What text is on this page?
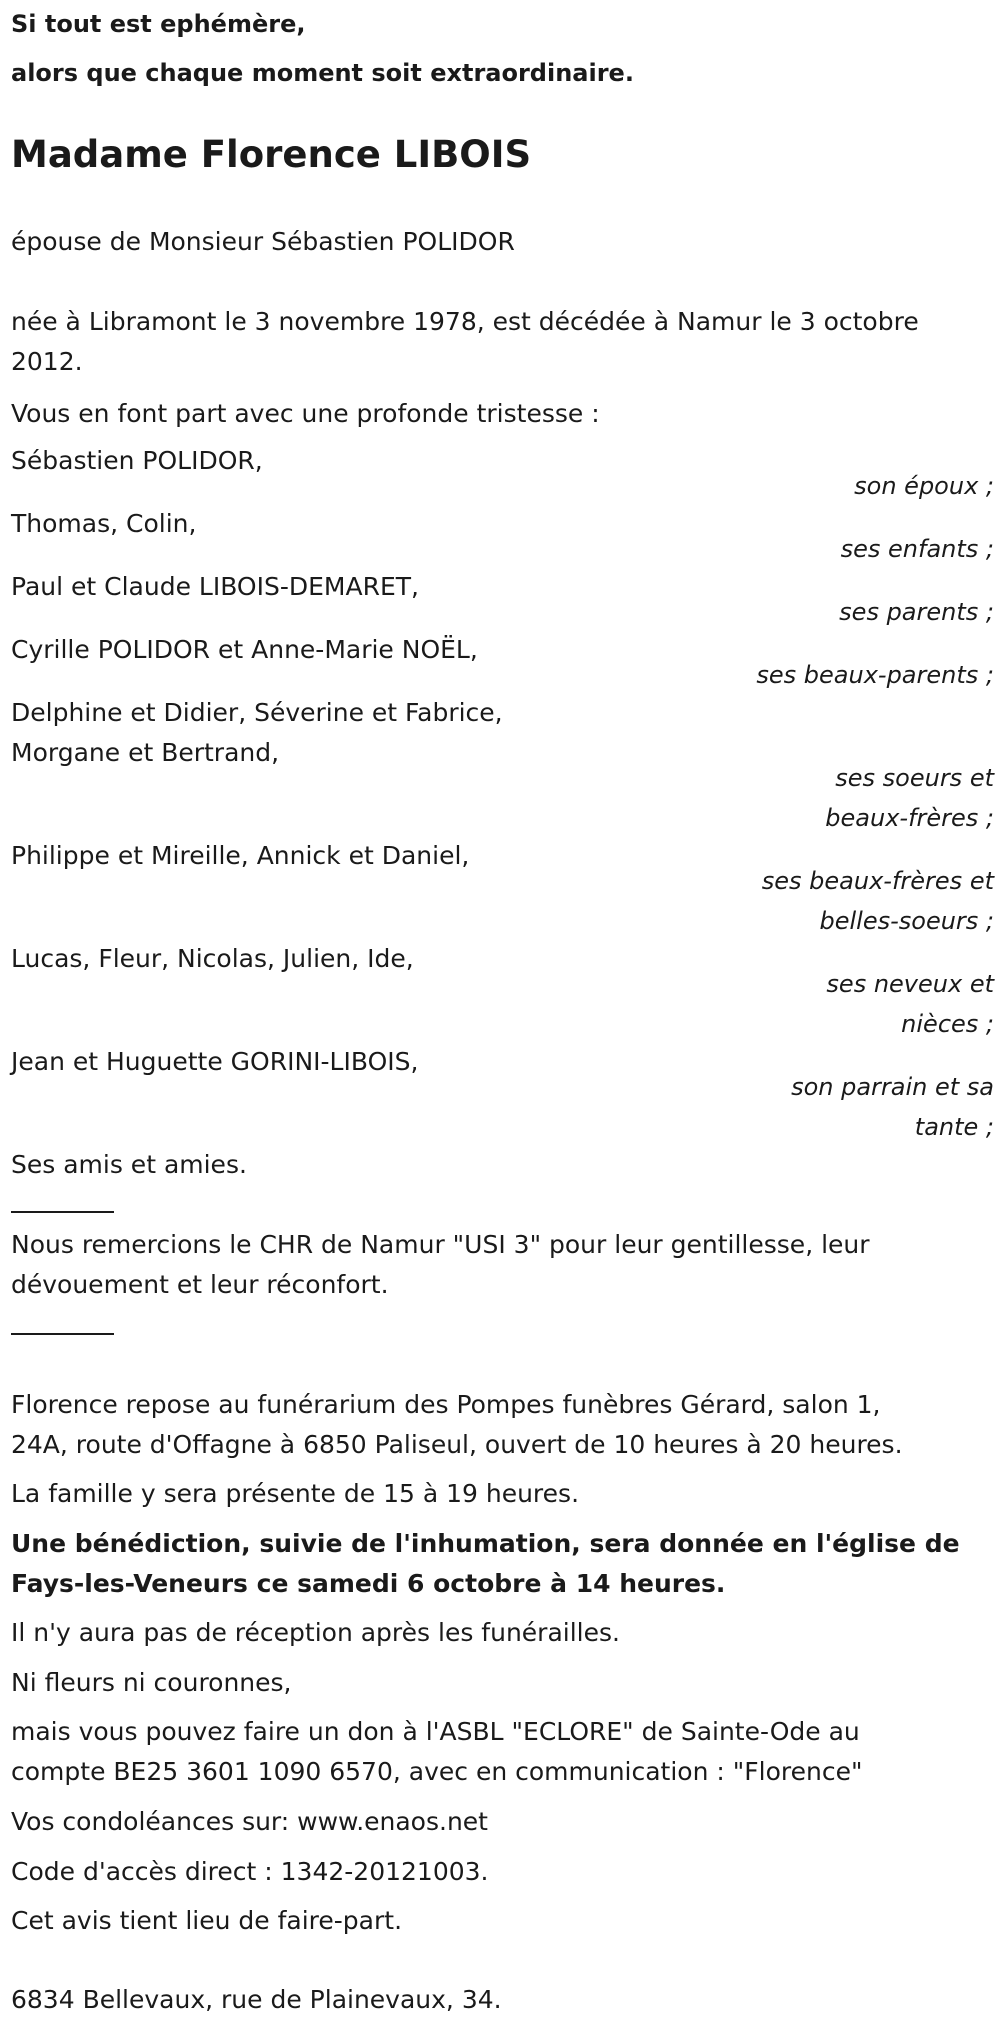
Si tout est ephémère,
alors que chaque moment soit extraordinaire.
Madame Florence LIBOIS

épouse de Monsieur Sébastien POLIDOR

née à Libramont le 3 novembre 1978, est décédée à Namur le 3 octobre

2012.

Vous en font part avec une profonde tristesse :

Sébastien POLIDOR,

son époux ;

Thomas, Colin,

ses enfants ;

Paul et Claude LIBOIS-DEMARET,

ses parents ;

Cyrille POLIDOR et Anne-Marie NOËL,

ses beaux-parents ;

Delphine et Didier, Séverine et Fabrice,

Morgane et Bertrand,

ses soeurs et
beaux-frères ;

Philippe et Mireille, Annick et Daniel,

ses beaux-frères et
belles-soeurs ;

Lucas, Fleur, Nicolas, Julien, Ide,

ses neveux et
nièces ;

Jean et Huguette GORINI-LIBOIS,

son parrain et sa
tante ;

Ses amis et amies.

Nous remercions le CHR de Namur "USI 3" pour leur gentillesse, leur

dévouement et leur réconfort.

Florence repose au funérarium des Pompes funèbres Gérard, salon 1,

24A, route d'Offagne à 6850 Paliseul, ouvert de 10 heures à 20 heures.

La famille y sera présente de 15 à 19 heures.

Une bénédiction, suivie de l'inhumation, sera donnée en l'église de

Fays-les-Veneurs ce samedi 6 octobre à 14 heures.

Il n'y aura pas de réception après les funérailles.

Ni fleurs ni couronnes,

mais vous pouvez faire un don à l'ASBL "ECLORE" de Sainte-Ode au

compte BE25 3601 1090 6570, avec en communication : "Florence"

Vos condoléances sur: www.enaos.net

Code d'accès direct : 1342-20121003.

Cet avis tient lieu de faire-part.

6834 Bellevaux, rue de Plainevaux, 34.
